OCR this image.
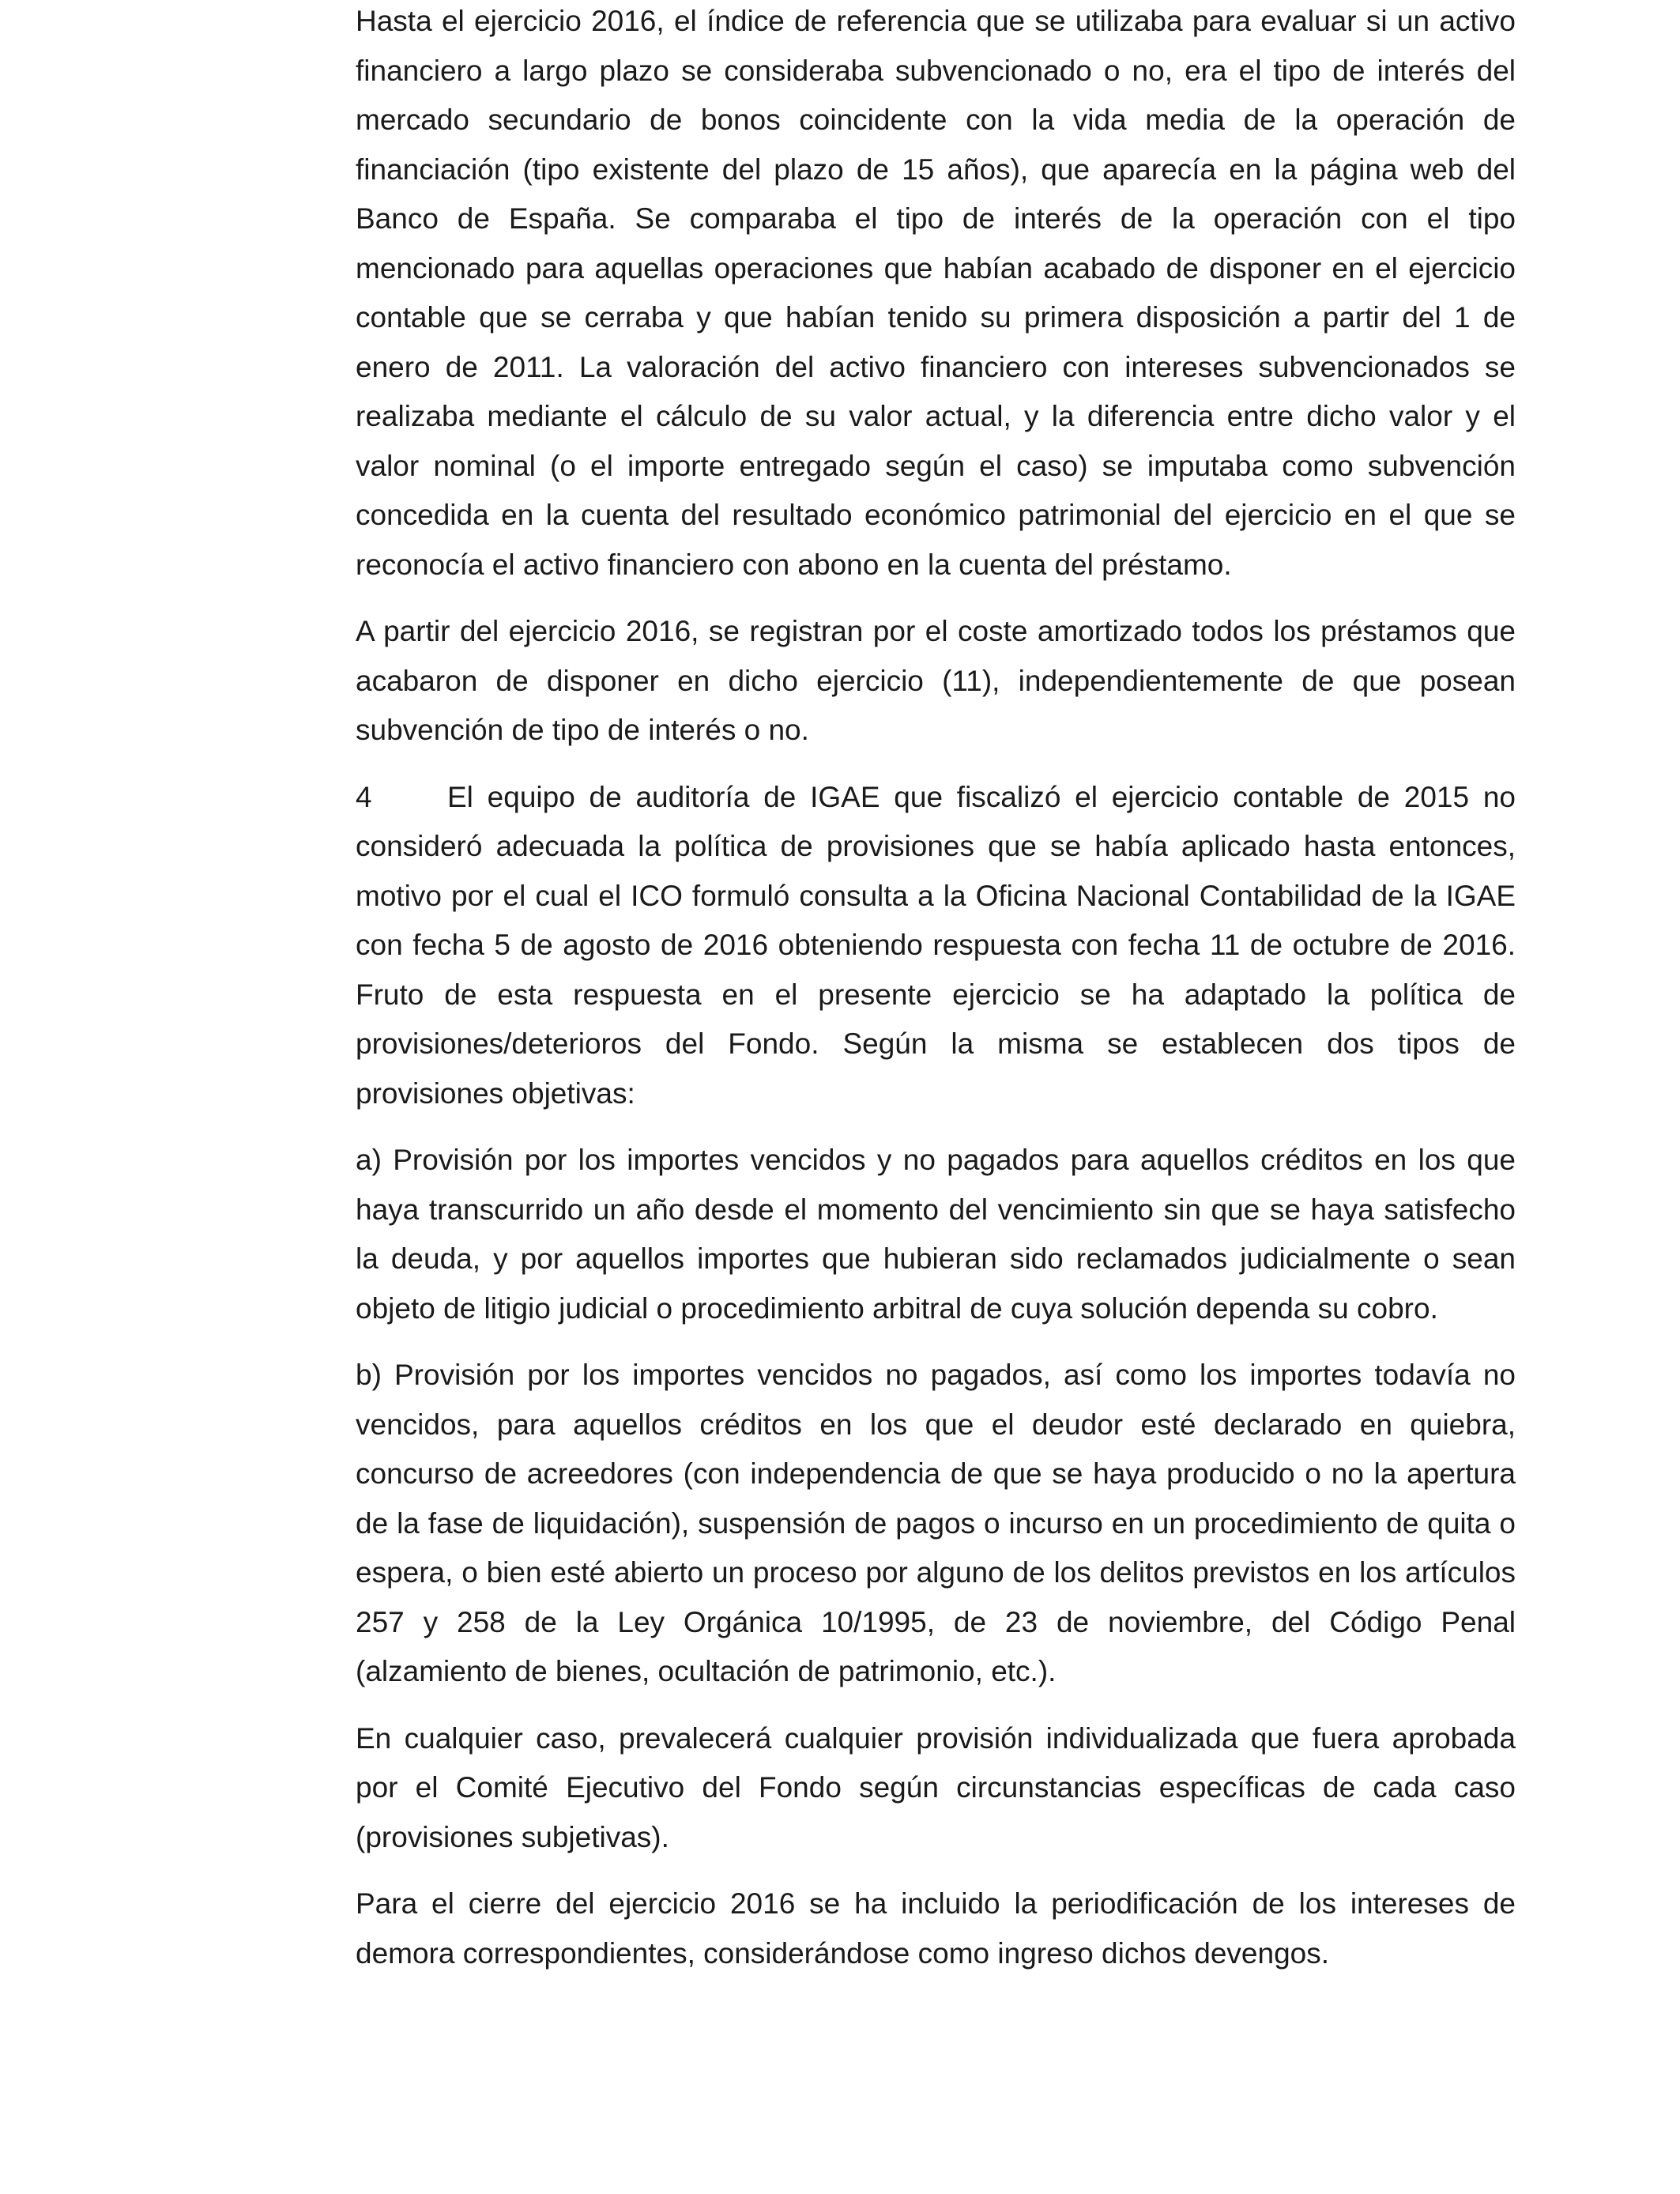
Hasta el ejercicio 2016, el índice de referencia que se utilizaba para evaluar si un activo financiero a largo plazo se consideraba subvencionado o no, era el tipo de interés del mercado secundario de bonos coincidente con la vida media de la operación de financiación (tipo existente del plazo de 15 años), que aparecía en la página web del Banco de España. Se comparaba el tipo de interés de la operación con el tipo mencionado para aquellas operaciones que habían acabado de disponer en el ejercicio contable que se cerraba y que habían tenido su primera disposición a partir del 1 de enero de 2011. La valoración del activo financiero con intereses subvencionados se realizaba mediante el cálculo de su valor actual, y la diferencia entre dicho valor y el valor nominal (o el importe entregado según el caso) se imputaba como subvención concedida en la cuenta del resultado económico patrimonial del ejercicio en el que se reconocía el activo financiero con abono en la cuenta del préstamo.

A partir del ejercicio 2016, se registran por el coste amortizado todos los préstamos que acabaron de disponer en dicho ejercicio (11), independientemente de que posean subvención de tipo de interés o no.

4	El equipo de auditoría de IGAE que fiscalizó el ejercicio contable de 2015 no consideró adecuada la política de provisiones que se había aplicado hasta entonces, motivo por el cual el ICO formuló consulta a la Oficina Nacional Contabilidad de la IGAE con fecha 5 de agosto de 2016 obteniendo respuesta con fecha 11 de octubre de 2016. Fruto de esta respuesta en el presente ejercicio se ha adaptado la política de provisiones/deterioros del Fondo. Según la misma se establecen dos tipos de provisiones objetivas:

a) Provisión por los importes vencidos y no pagados para aquellos créditos en los que haya transcurrido un año desde el momento del vencimiento sin que se haya satisfecho la deuda, y por aquellos importes que hubieran sido reclamados judicialmente o sean objeto de litigio judicial o procedimiento arbitral de cuya solución dependa su cobro.

b) Provisión por los importes vencidos no pagados, así como los importes todavía no vencidos, para aquellos créditos en los que el deudor esté declarado en quiebra, concurso de acreedores (con independencia de que se haya producido o no la apertura de la fase de liquidación), suspensión de pagos o incurso en un procedimiento de quita o espera, o bien esté abierto un proceso por alguno de los delitos previstos en los artículos 257 y 258 de la Ley Orgánica 10/1995, de 23 de noviembre, del Código Penal (alzamiento de bienes, ocultación de patrimonio, etc.).

En cualquier caso, prevalecerá cualquier provisión individualizada que fuera aprobada por el Comité Ejecutivo del Fondo según circunstancias específicas de cada caso (provisiones subjetivas).

Para el cierre del ejercicio 2016 se ha incluido la periodificación de los intereses de demora correspondientes, considerándose como ingreso dichos devengos.
